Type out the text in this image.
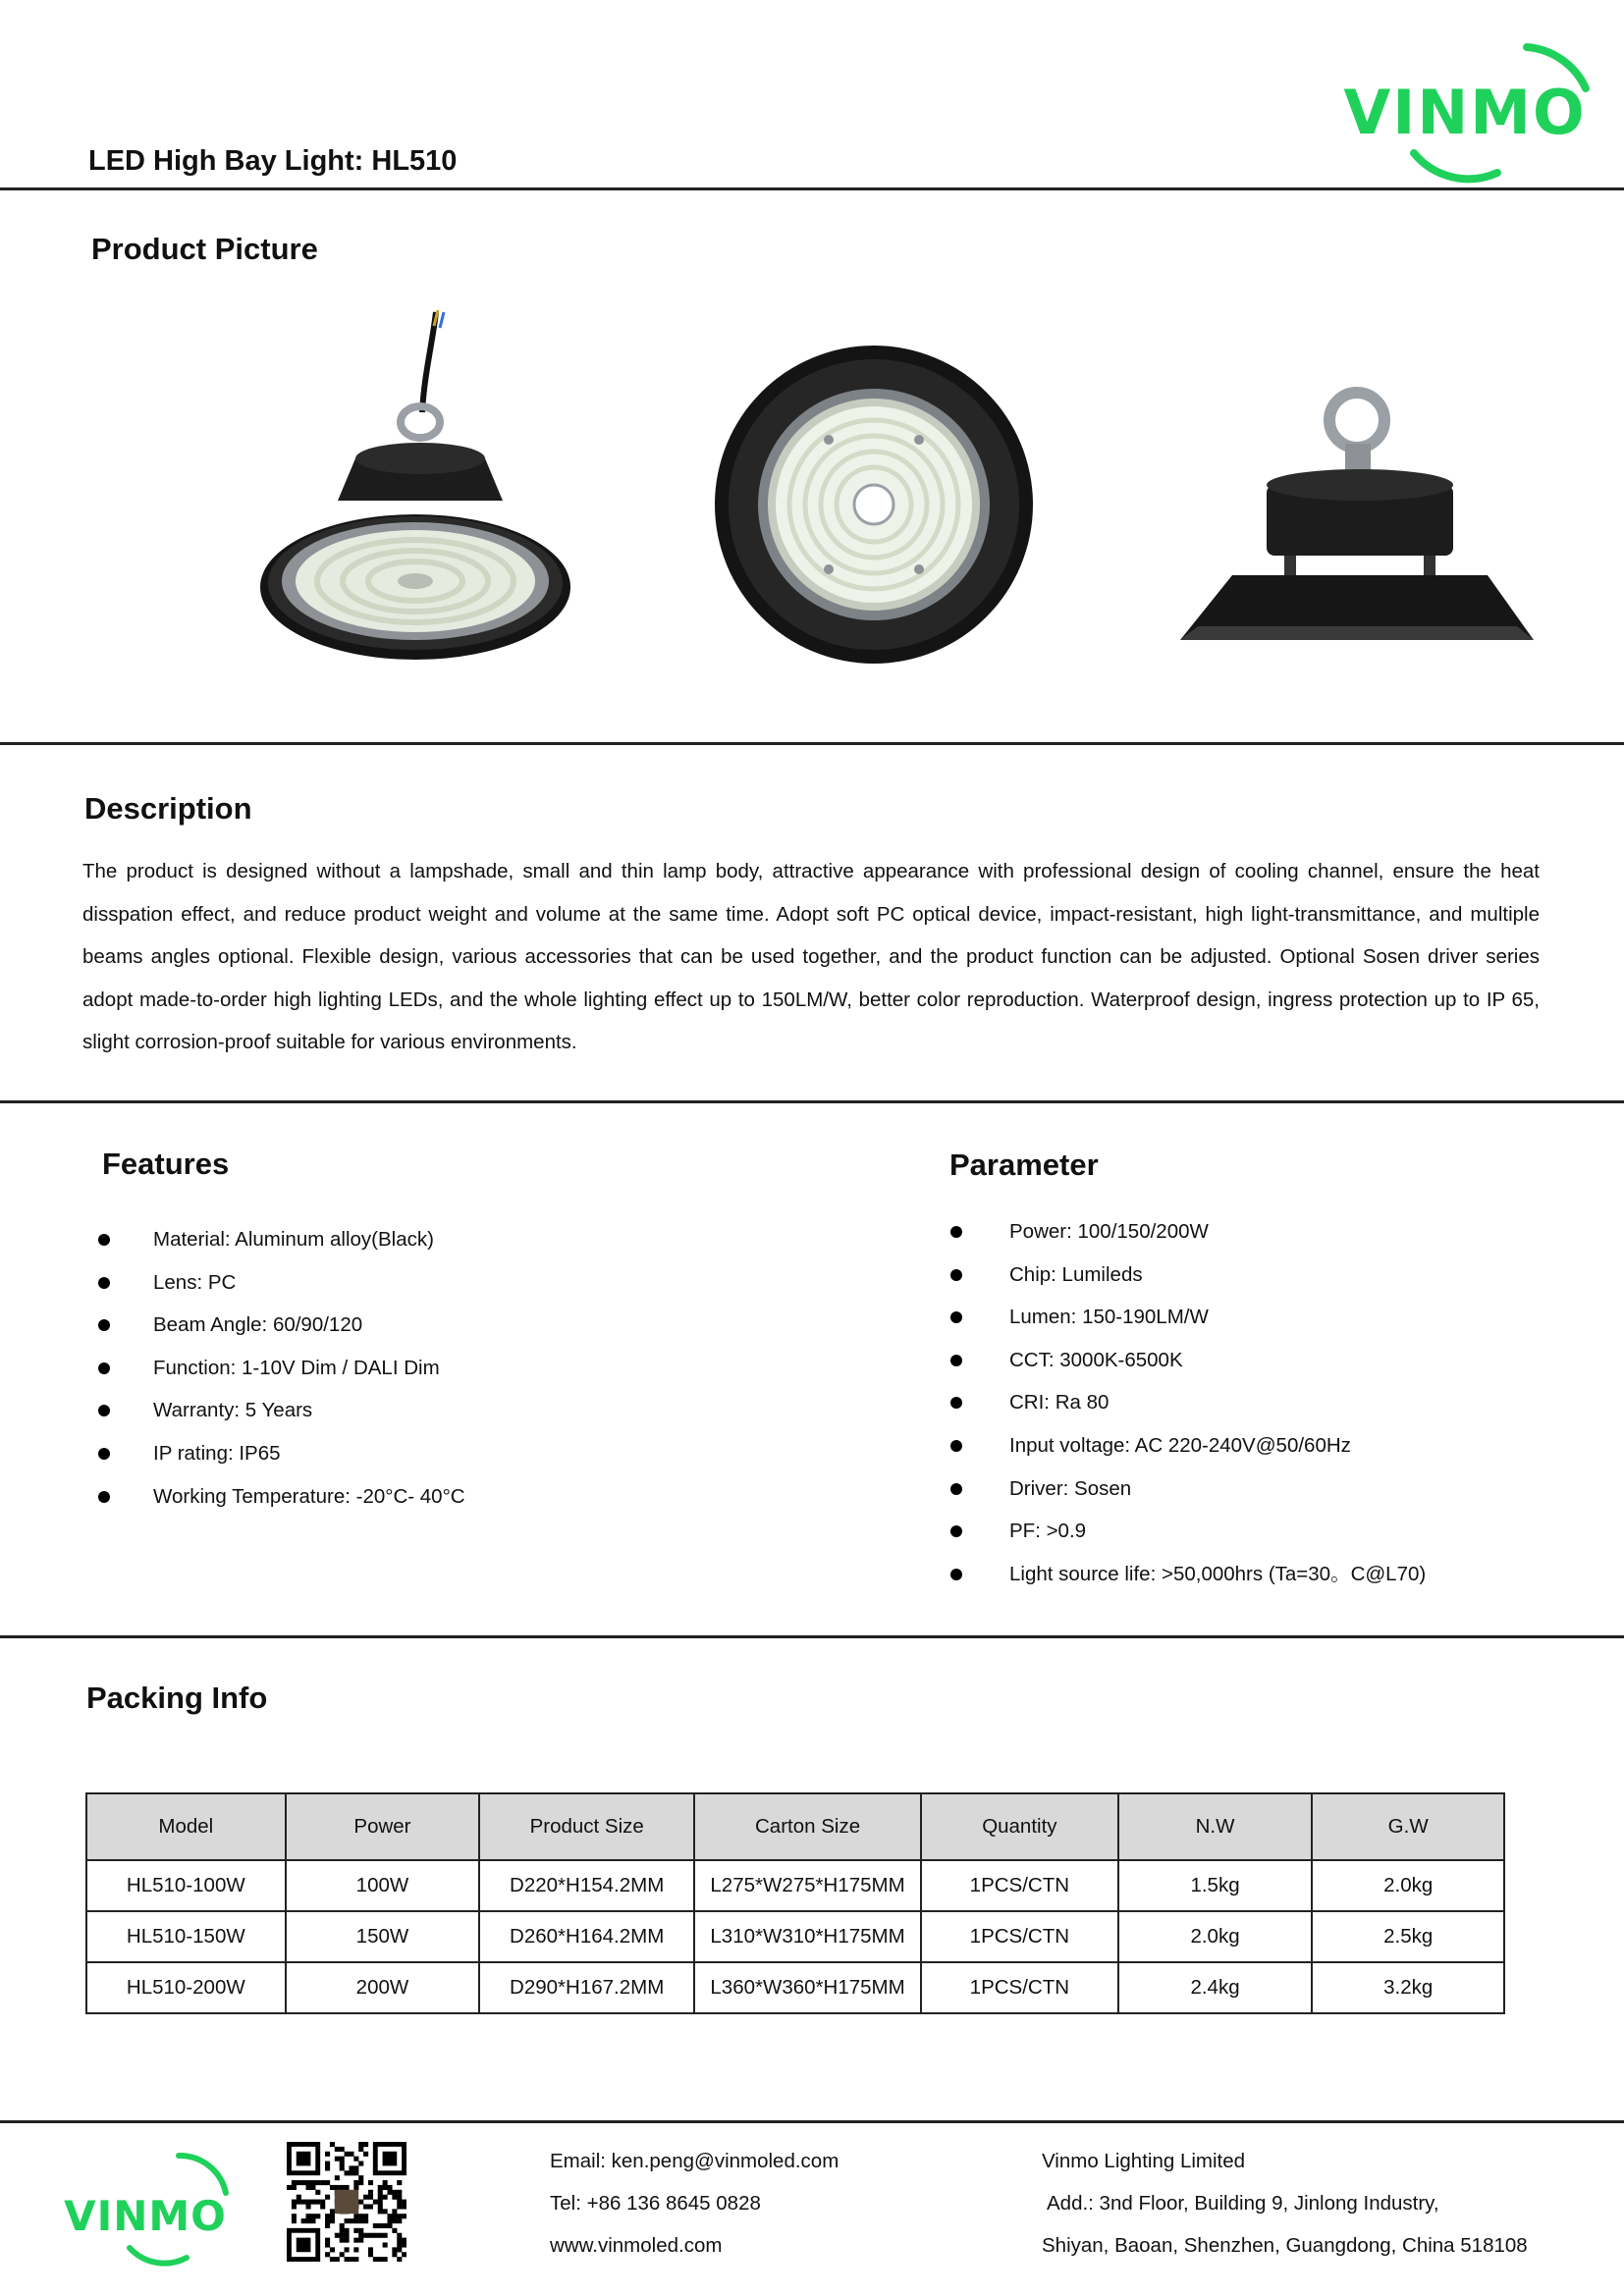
VINMO
LED High Bay Light: HL510
Product Picture
Description
The product is designed without a lampshade, small and thin lamp body, attractive appearance with professional design of cooling channel, ensure the heat disspation effect, and reduce product weight and volume at the same time. Adopt soft PC optical device, impact-resistant, high light-transmittance, and multiple beams angles optional. Flexible design, various accessories that can be used together, and the product function can be adjusted. Optional Sosen driver series adopt made-to-order high lighting LEDs, and the whole lighting effect up to 150LM/W, better color reproduction. Waterproof design, ingress protection up to IP 65, slight corrosion-proof suitable for various environments.
Features
Material: Aluminum alloy(Black)
Lens: PC
Beam Angle: 60/90/120
Function: 1-10V Dim / DALI Dim
Warranty: 5 Years
IP rating: IP65
Working Temperature: -20°C- 40°C
Parameter
Power: 100/150/200W
Chip: Lumileds
Lumen: 150-190LM/W
CCT: 3000K-6500K
CRI: Ra 80
Input voltage: AC 220-240V@50/60Hz
Driver: Sosen
PF: >0.9
Light source life: >50,000hrs (Ta=30。C@L70)
Packing Info
Model	Power	Product Size	Carton Size	Quantity	N.W	G.W
HL510-100W	100W	D220*H154.2MM	L275*W275*H175MM	1PCS/CTN	1.5kg	2.0kg
HL510-150W	150W	D260*H164.2MM	L310*W310*H175MM	1PCS/CTN	2.0kg	2.5kg
HL510-200W	200W	D290*H167.2MM	L360*W360*H175MM	1PCS/CTN	2.4kg	3.2kg
VINMO
Email: ken.peng@vinmoled.com
Tel: +86 136 8645 0828
www.vinmoled.com
Vinmo Lighting Limited
Add.: 3nd Floor, Building 9, Jinlong Industry,
Shiyan, Baoan, Shenzhen, Guangdong, China 518108
